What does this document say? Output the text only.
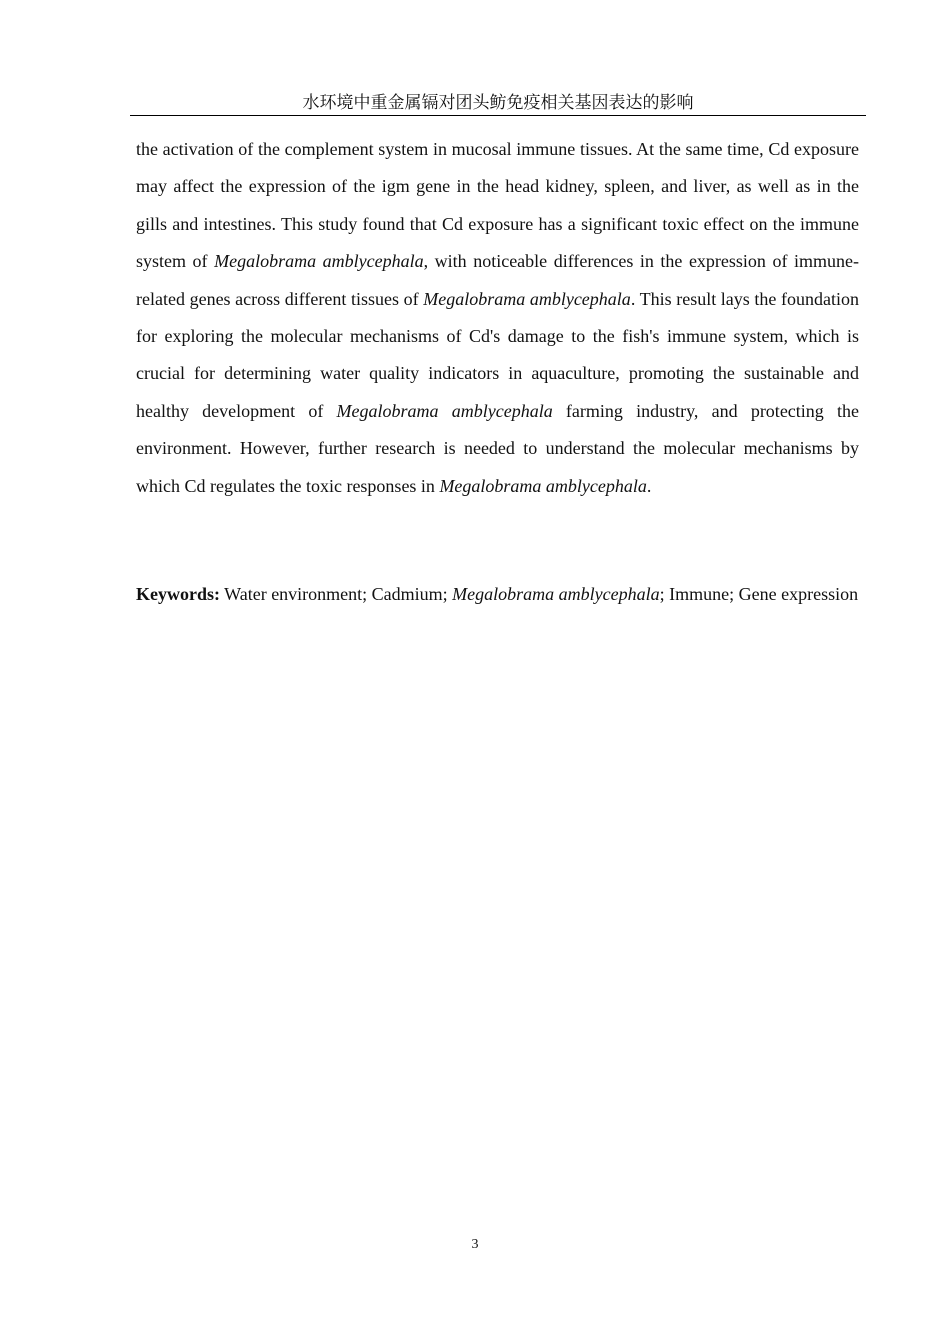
水环境中重金属镉对团头鲂免疫相关基因表达的影响

the activation of the complement system in mucosal immune tissues. At the same time, Cd exposure may affect the expression of the igm gene in the head kidney, spleen, and liver, as well as in the gills and intestines. This study found that Cd exposure has a significant toxic effect on the immune system of Megalobrama amblycephala, with noticeable differences in the expression of immune-related genes across different tissues of Megalobrama amblycephala. This result lays the foundation for exploring the molecular mechanisms of Cd's damage to the fish's immune system, which is crucial for determining water quality indicators in aquaculture, promoting the sustainable and healthy development of Megalobrama amblycephala farming industry, and protecting the environment. However, further research is needed to understand the molecular mechanisms by which Cd regulates the toxic responses in Megalobrama amblycephala.

Keywords: Water environment; Cadmium; Megalobrama amblycephala; Immune; Gene expression

3
